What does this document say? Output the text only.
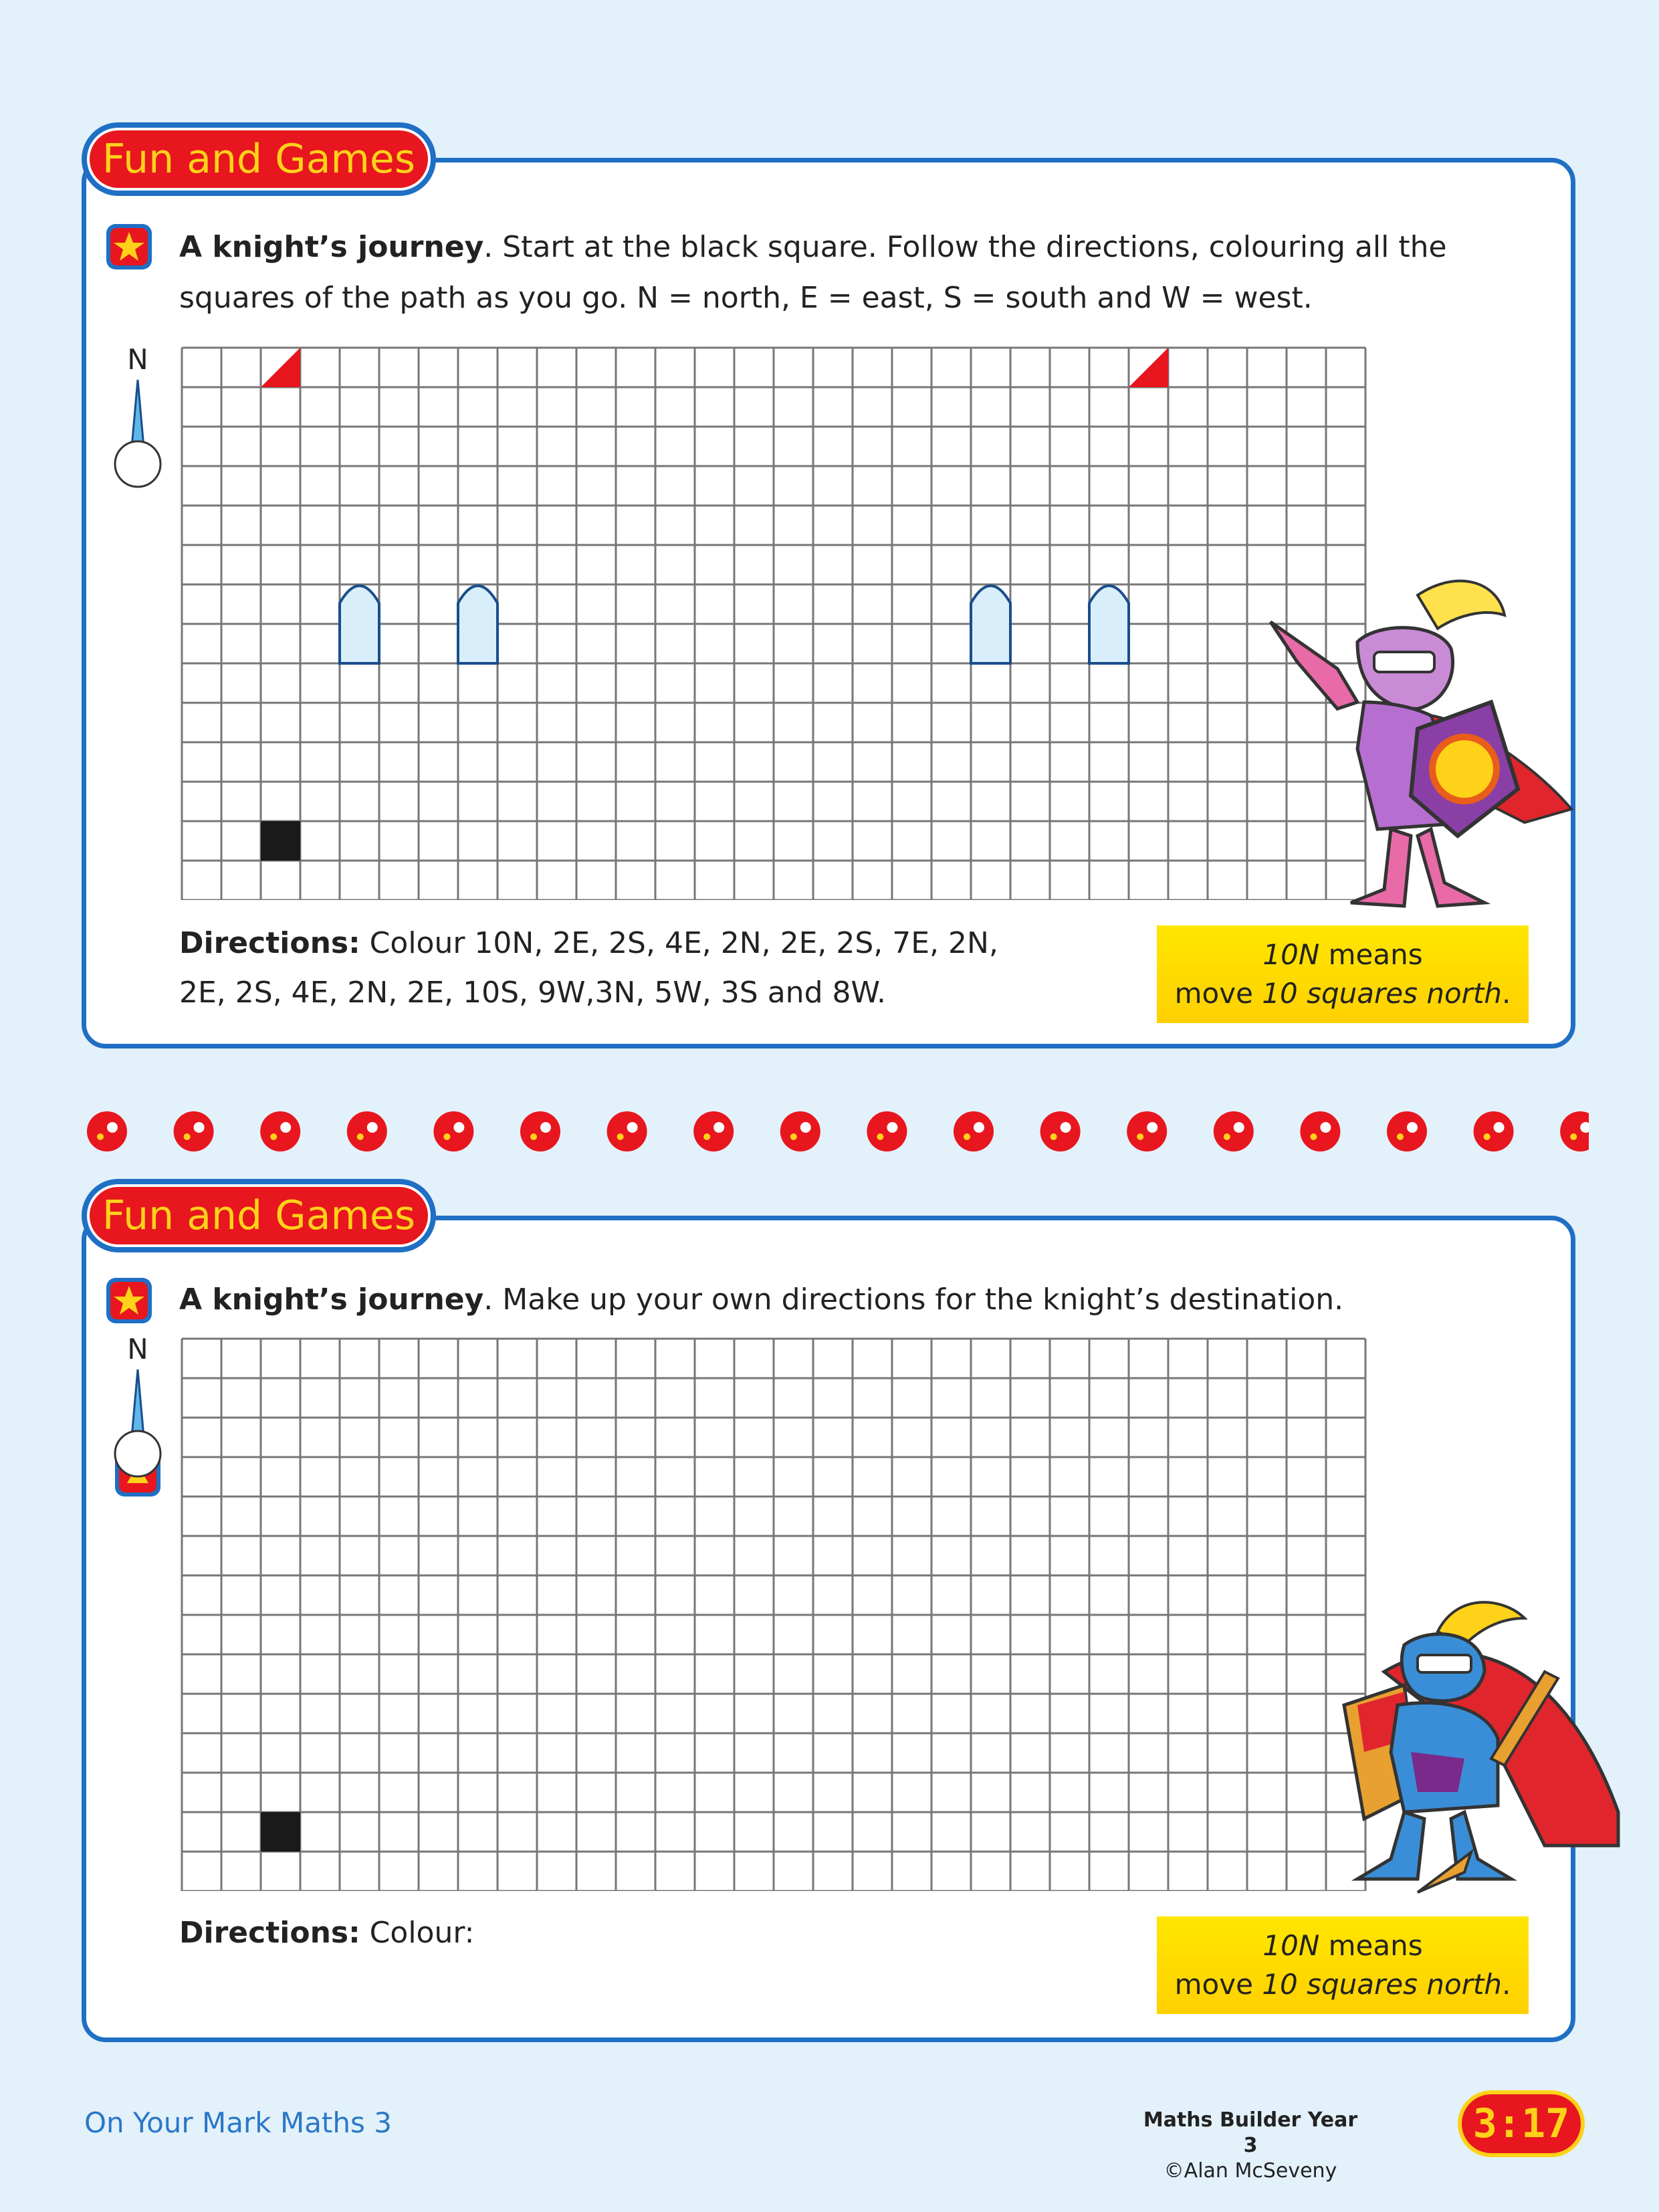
Fun and Games
A knight’s journey. Start at the black square. Follow the directions, colouring all the
squares of the path as you go. N = north, E = east, S = south and W = west.
N
Directions: Colour 10N, 2E, 2S, 4E, 2N, 2E, 2S, 7E, 2N,
2E, 2S, 4E, 2N, 2E, 10S, 9W,3N, 5W, 3S and 8W.
10N means
move 10 squares north.
Fun and Games
A knight’s journey. Make up your own directions for the knight’s destination.
N
Directions: Colour:	10N means
move 10 squares north.
On Your Mark Maths 3	Maths Builder Year 3
©Alan McSeveny
3:17
